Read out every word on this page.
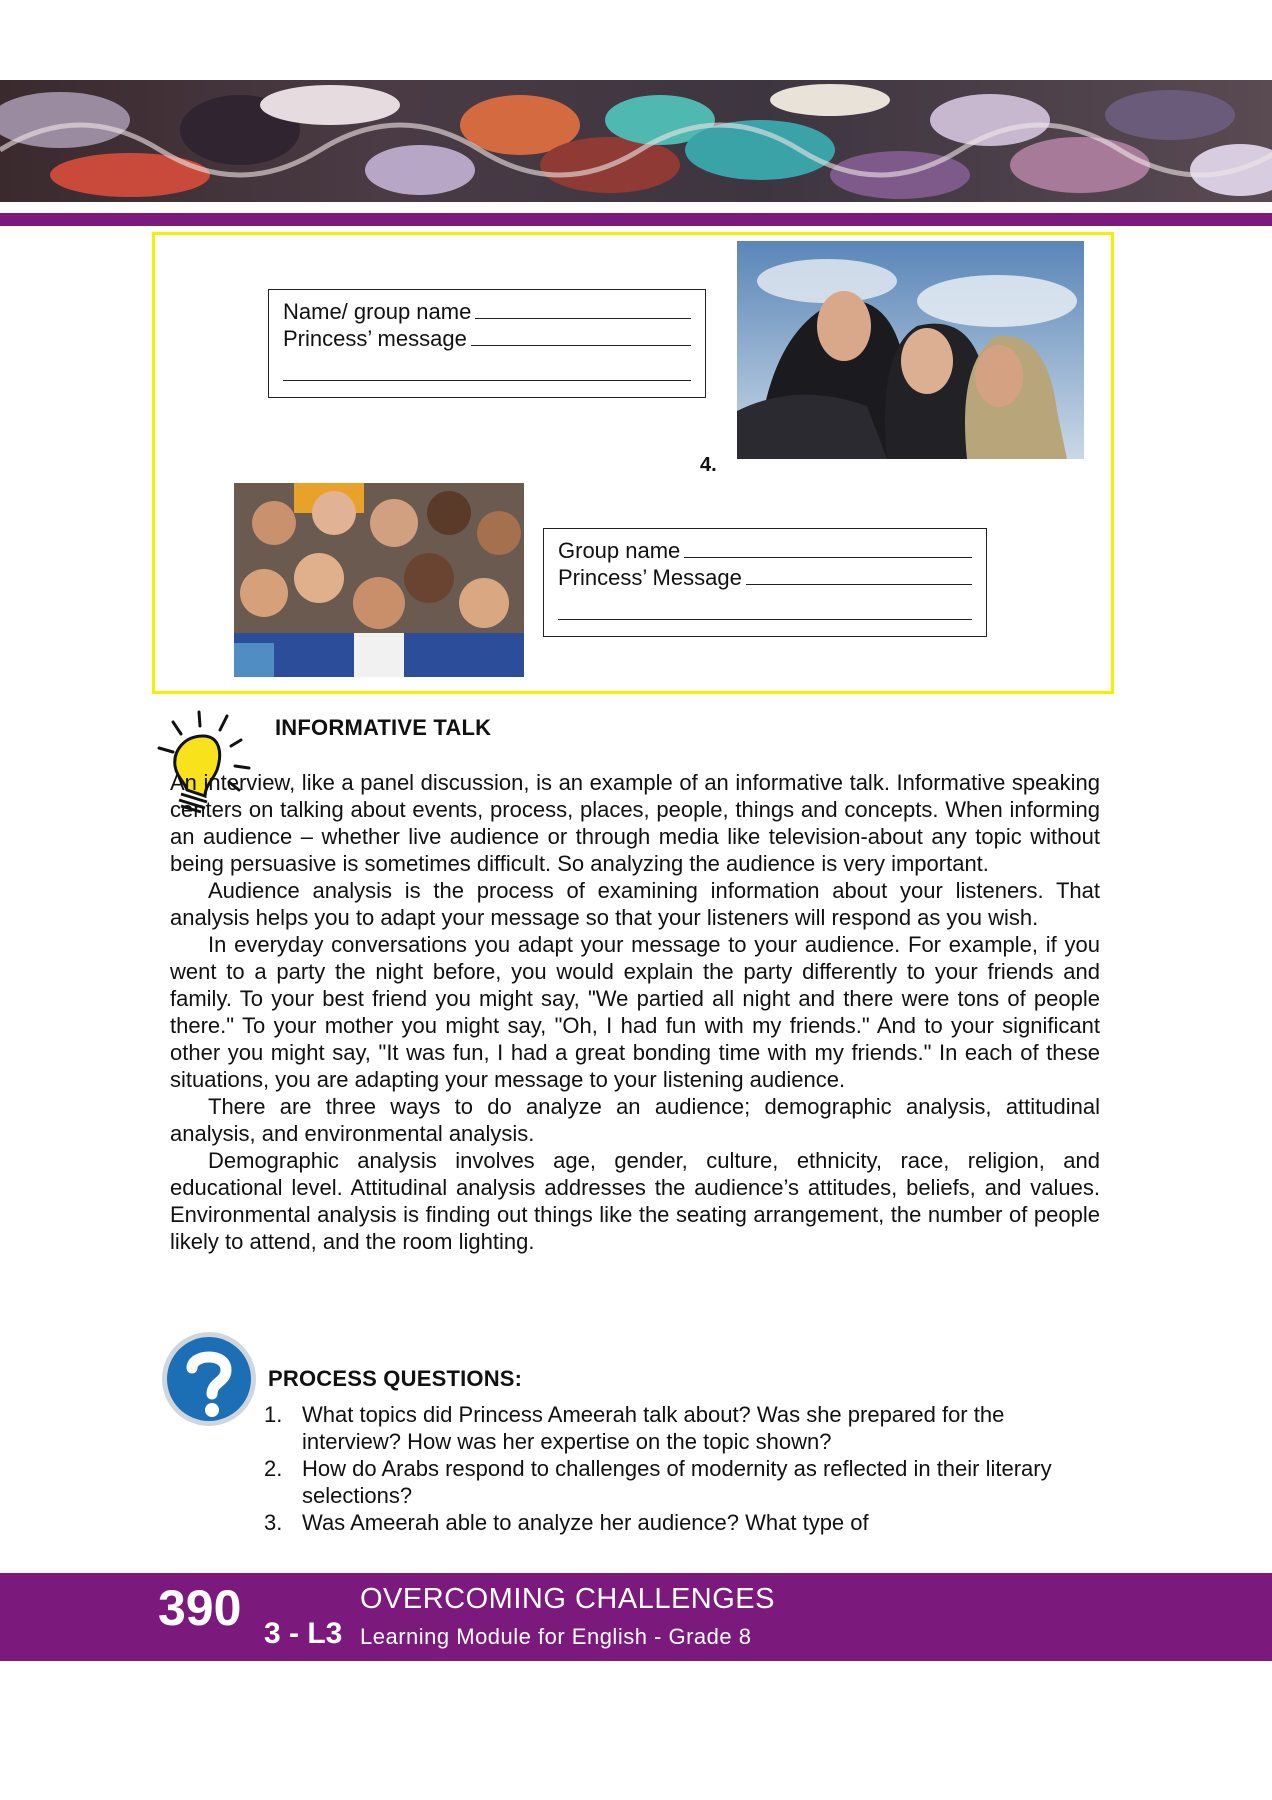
Name/ group name
Princess’ message
4.
Group name
Princess’ Message
INFORMATIVE TALK

An interview, like a panel discussion, is an example of an informative talk. Informative speaking centers on talking about events, process, places, people, things and concepts. When informing an audience – whether live audience or through media like television-about any topic without being persuasive is sometimes difficult. So analyzing the audience is very important.

Audience analysis is the process of examining information about your listeners. That analysis helps you to adapt your message so that your listeners will respond as you wish.

In everyday conversations you adapt your message to your audience. For example, if you went to a party the night before, you would explain the party differently to your friends and family. To your best friend you might say, "We partied all night and there were tons of people there." To your mother you might say, "Oh, I had fun with my friends." And to your significant other you might say, "It was fun, I had a great bonding time with my friends." In each of these situations, you are adapting your message to your listening audience.

There are three ways to do analyze an audience; demographic analysis, attitudinal analysis, and environmental analysis.

Demographic analysis involves age, gender, culture, ethnicity, race, religion, and educational level. Attitudinal analysis addresses the audience’s attitudes, beliefs, and values. Environmental analysis is finding out things like the seating arrangement, the number of people likely to attend, and the room lighting.

PROCESS QUESTIONS:
1. What topics did Princess Ameerah talk about? Was she prepared for the interview? How was her expertise on the topic shown?
2. How do Arabs respond to challenges of modernity as reflected in their literary selections?
3. Was Ameerah able to analyze her audience? What type of
390 3 - L3
OVERCOMING CHALLENGES
Learning Module for English - Grade 8
